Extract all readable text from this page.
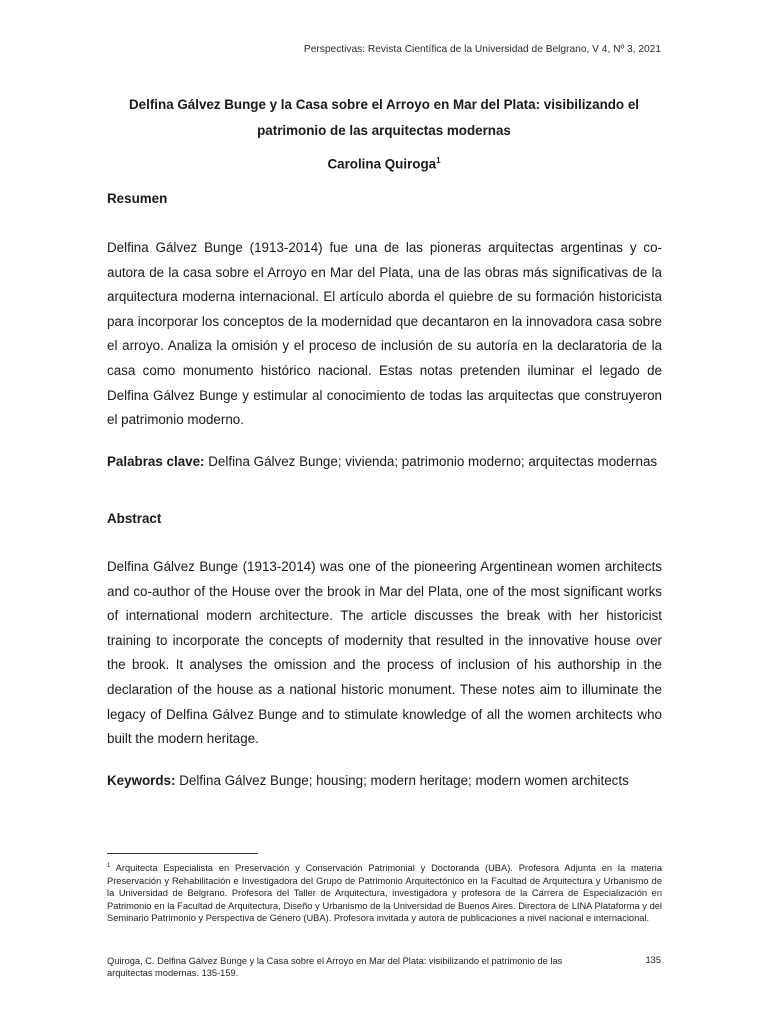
Perspectivas: Revista Científica de la Universidad de Belgrano, V 4, Nº 3, 2021
Delfina Gálvez Bunge y la Casa sobre el Arroyo en Mar del Plata: visibilizando el patrimonio de las arquitectas modernas
Carolina Quiroga$^1$
Resumen
Delfina Gálvez Bunge (1913-2014) fue una de las pioneras arquitectas argentinas y co-autora de la casa sobre el Arroyo en Mar del Plata, una de las obras más significativas de la arquitectura moderna internacional. El artículo aborda el quiebre de su formación historicista para incorporar los conceptos de la modernidad que decantaron en la innovadora casa sobre el arroyo. Analiza la omisión y el proceso de inclusión de su autoría en la declaratoria de la casa como monumento histórico nacional. Estas notas pretenden iluminar el legado de Delfina Gálvez Bunge y estimular al conocimiento de todas las arquitectas que construyeron el patrimonio moderno.
Palabras clave: Delfina Gálvez Bunge; vivienda; patrimonio moderno; arquitectas modernas
Abstract
Delfina Gálvez Bunge (1913-2014) was one of the pioneering Argentinean women architects and co-author of the House over the brook in Mar del Plata, one of the most significant works of international modern architecture. The article discusses the break with her historicist training to incorporate the concepts of modernity that resulted in the innovative house over the brook. It analyses the omission and the process of inclusion of his authorship in the declaration of the house as a national historic monument. These notes aim to illuminate the legacy of Delfina Gálvez Bunge and to stimulate knowledge of all the women architects who built the modern heritage.
Keywords: Delfina Gálvez Bunge; housing; modern heritage; modern women architects
$^1$ Arquitecta Especialista en Preservación y Conservación Patrimonial y Doctoranda (UBA). Profesora Adjunta en la materia Preservación y Rehabilitación e Investigadora del Grupo de Patrimonio Arquitectónico en la Facultad de Arquitectura y Urbanismo de la Universidad de Belgrano. Profesora del Taller de Arquitectura, investigadora y profesora de la Carrera de Especialización en Patrimonio en la Facultad de Arquitectura, Diseño y Urbanismo de la Universidad de Buenos Aires. Directora de LINA Plataforma y del Seminario Patrimonio y Perspectiva de Género (UBA). Profesora invitada y autora de publicaciones a nivel nacional e internacional.
Quiroga, C. Delfina Gálvez Bunge y la Casa sobre el Arroyo en Mar del Plata: visibilizando el patrimonio de las arquitectas modernas. 135-159.
135
